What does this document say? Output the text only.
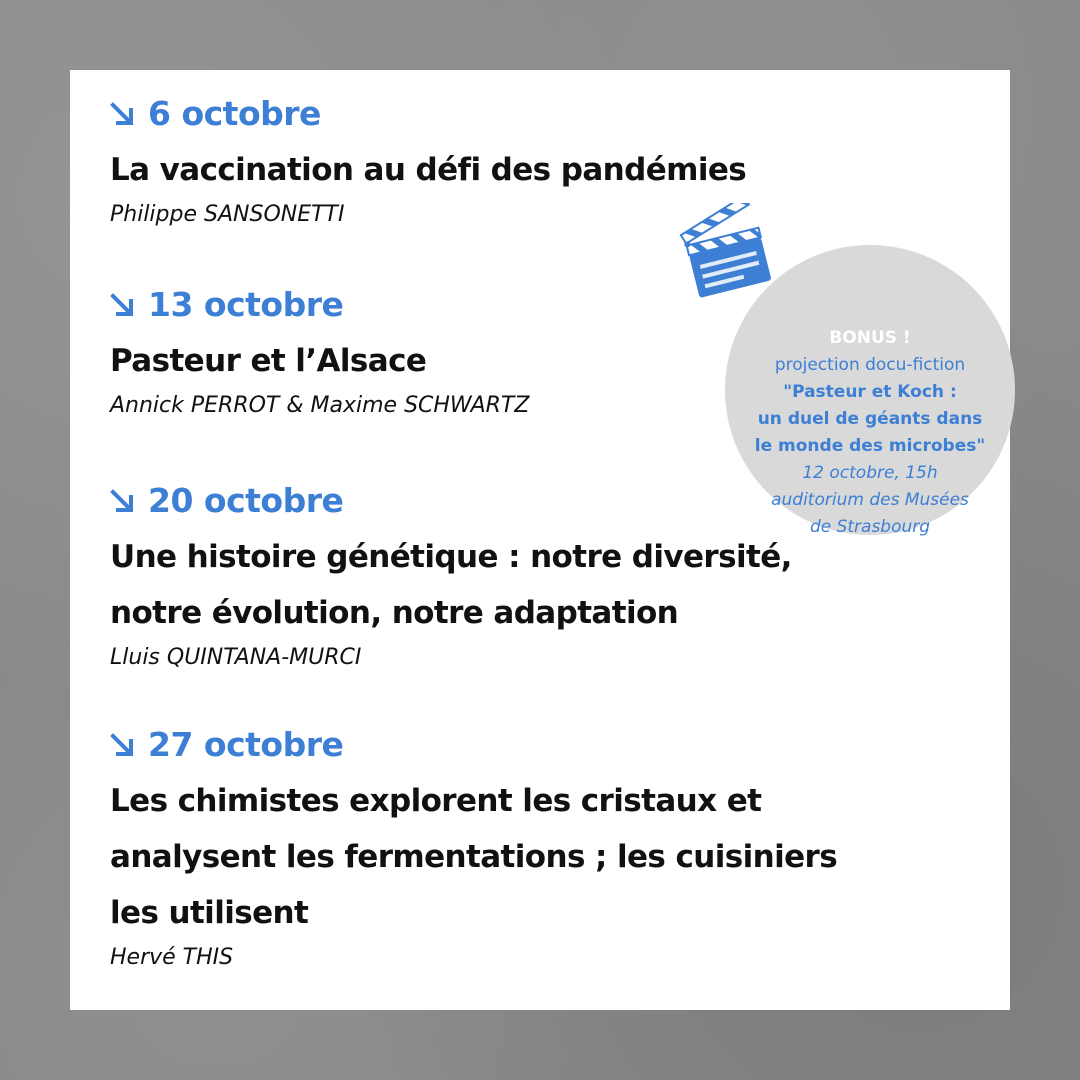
6 octobre
La vaccination au défi des pandémies
Philippe SANSONETTI
13 octobre
Pasteur et l’Alsace
Annick PERROT & Maxime SCHWARTZ
20 octobre
Une histoire génétique : notre diversité,
notre évolution, notre adaptation
Lluis QUINTANA-MURCI
27 octobre
Les chimistes explorent les cristaux et
analysent les fermentations ; les cuisiniers
les utilisent
Hervé THIS
BONUS !
projection docu-fiction
"Pasteur et Koch :
un duel de géants dans
le monde des microbes"
12 octobre, 15h
auditorium des Musées
de Strasbourg
